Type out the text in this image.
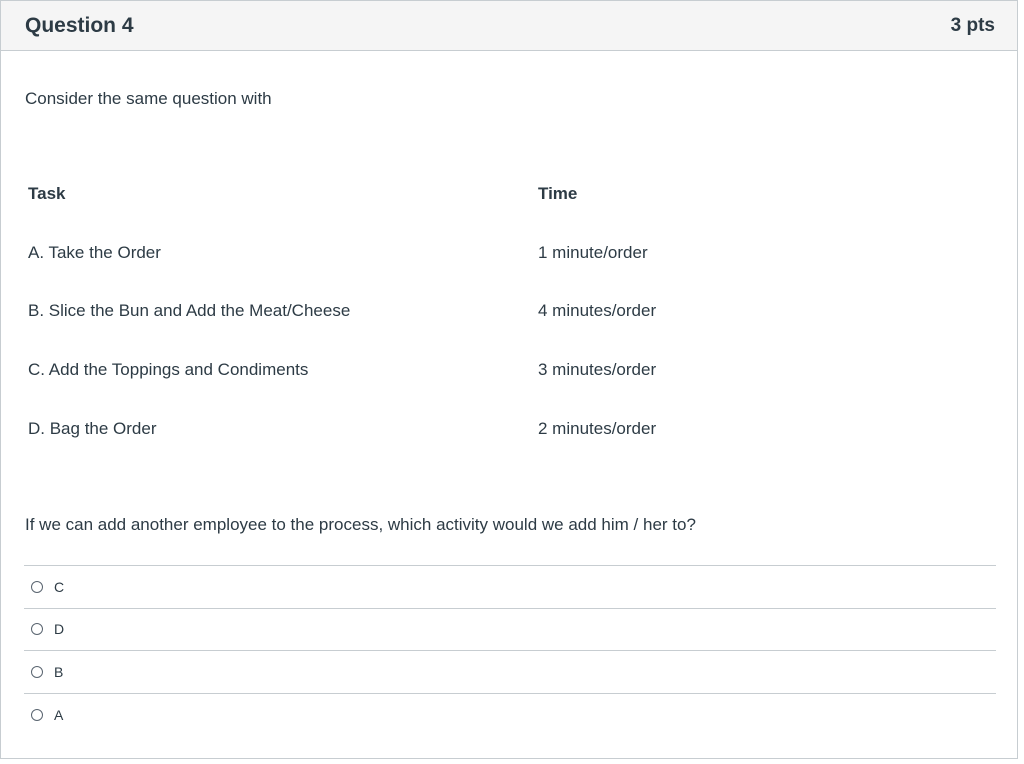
Question 4	3 pts
Consider the same question with
Task	Time
A. Take the Order	1 minute/order
B. Slice the Bun and Add the Meat/Cheese	4 minutes/order
C. Add the Toppings and Condiments	3 minutes/order
D. Bag the Order	2 minutes/order
If we can add another employee to the process, which activity would we add him / her to?
C
D
B
A
